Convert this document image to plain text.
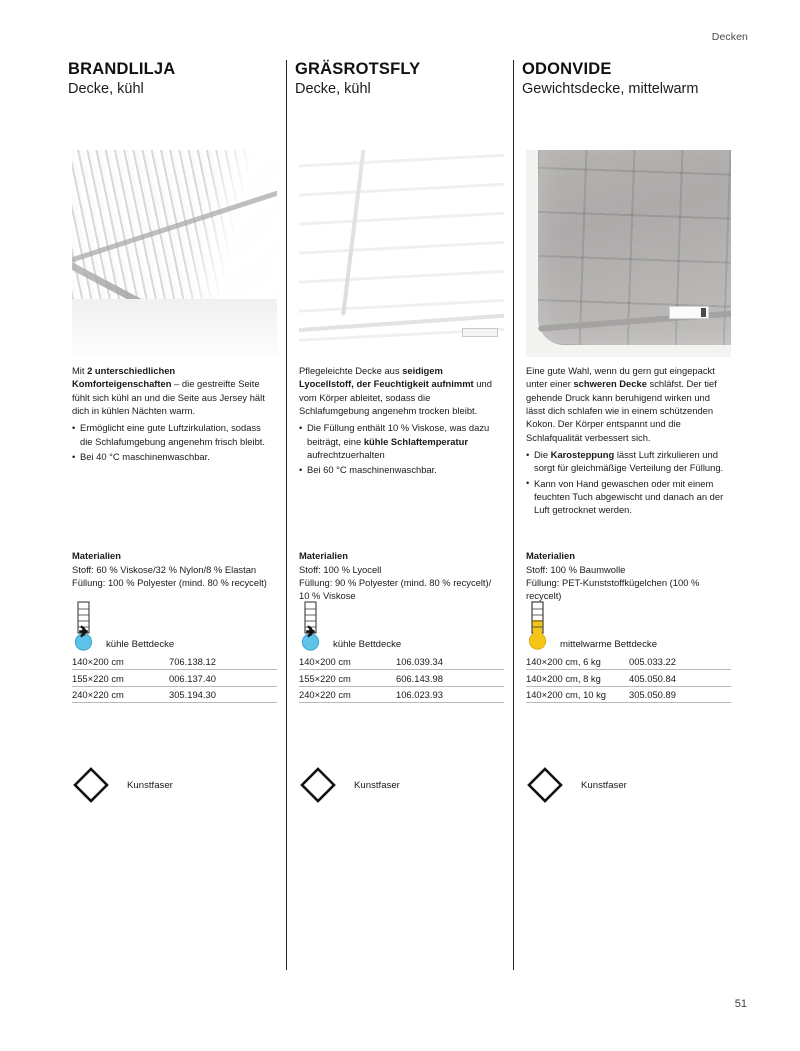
Decken
BRANDLILJA
Decke, kühl

Mit 2 unterschiedlichen Komforteigenschaften – die gestreifte Seite fühlt sich kühl an und die Seite aus Jersey hält dich in kühlen Nächten warm.

• Ermöglicht eine gute Luftzirkulation, sodass die Schlafumgebung angenehm frisch bleibt.
• Bei 40 °C maschinenwaschbar.
Materialien
Stoff: 60 % Viskose/32 % Nylon/8 % Elastan
Füllung: 100 % Polyester (mind. 80 % recycelt)
kühle Bettdecke
140×200 cm	706.138.12
155×220 cm	006.137.40
240×220 cm	305.194.30
Kunstfaser
GRÄSROTSFLY
Decke, kühl

Pflegeleichte Decke aus seidigem Lyocellstoff, der Feuchtigkeit aufnimmt und vom Körper ableitet, sodass die Schlafumgebung angenehm trocken bleibt.

• Die Füllung enthält 10 % Viskose, was dazu beiträgt, eine kühle Schlaftemperatur aufrechtzuerhalten
• Bei 60 °C maschinenwaschbar.
Materialien
Stoff: 100 % Lyocell
Füllung: 90 % Polyester (mind. 80 % recycelt)/ 10 % Viskose
kühle Bettdecke
140×200 cm	106.039.34
155×220 cm	606.143.98
240×220 cm	106.023.93
Kunstfaser
ODONVIDE
Gewichtsdecke, mittelwarm

Eine gute Wahl, wenn du gern gut eingepackt unter einer schweren Decke schläfst. Der tief gehende Druck kann beruhigend wirken und lässt dich schlafen wie in einem schützenden Kokon. Der Körper entspannt und die Schlafqualität verbessert sich.

• Die Karosteppung lässt Luft zirkulieren und sorgt für gleichmäßige Verteilung der Füllung.
• Kann von Hand gewaschen oder mit einem feuchten Tuch abgewischt und danach an der Luft getrocknet werden.
Materialien
Stoff: 100 % Baumwolle
Füllung: PET-Kunststoffkügelchen (100 % recycelt)
mittelwarme Bettdecke
140×200 cm, 6 kg	005.033.22
140×200 cm, 8 kg	405.050.84
140×200 cm, 10 kg	305.050.89
Kunstfaser
51
